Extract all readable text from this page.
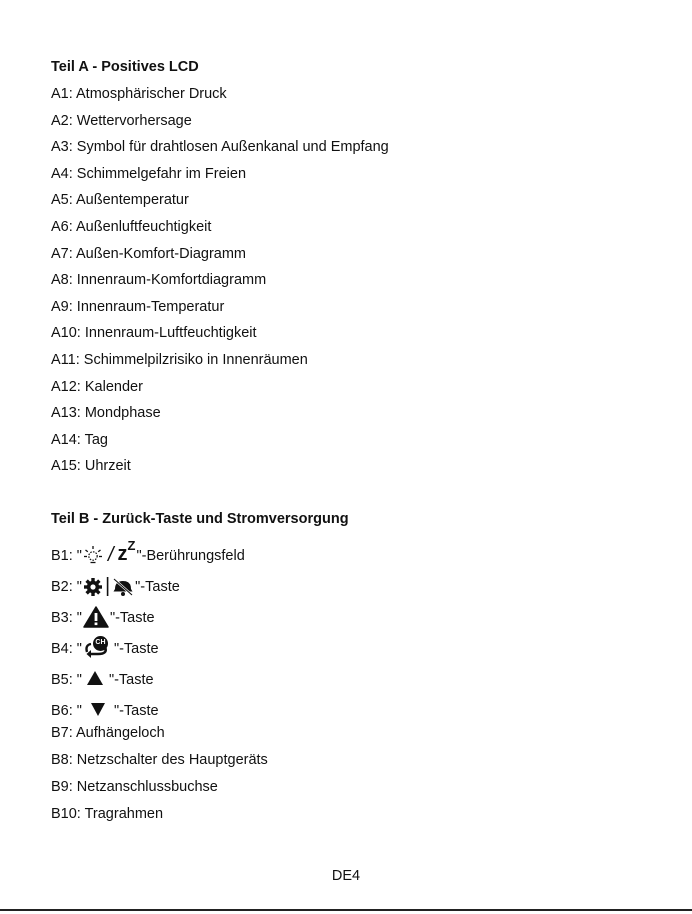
Teil A - Positives LCD
A1: Atmosphärischer Druck
A2: Wettervorhersage
A3: Symbol für drahtlosen Außenkanal und Empfang
A4: Schimmelgefahr im Freien
A5: Außentemperatur
A6: Außenluftfeuchtigkeit
A7: Außen-Komfort-Diagramm
A8: Innenraum-Komfortdiagramm
A9: Innenraum-Temperatur
A10: Innenraum-Luftfeuchtigkeit
A11: Schimmelpilzrisiko in Innenräumen
A12: Kalender
A13: Mondphase
A14: Tag
A15: Uhrzeit
Teil B - Zurück-Taste und Stromversorgung
B1: " / zZ
"-Berührungsfeld
B2: " | "-Taste
B3: " "-Taste
B4: " CH "-Taste
B5: " "-Taste
B6: " "-Taste
B7: Aufhängeloch
B8: Netzschalter des Hauptgeräts
B9: Netzanschlussbuchse
B10: Tragrahmen
DE4
